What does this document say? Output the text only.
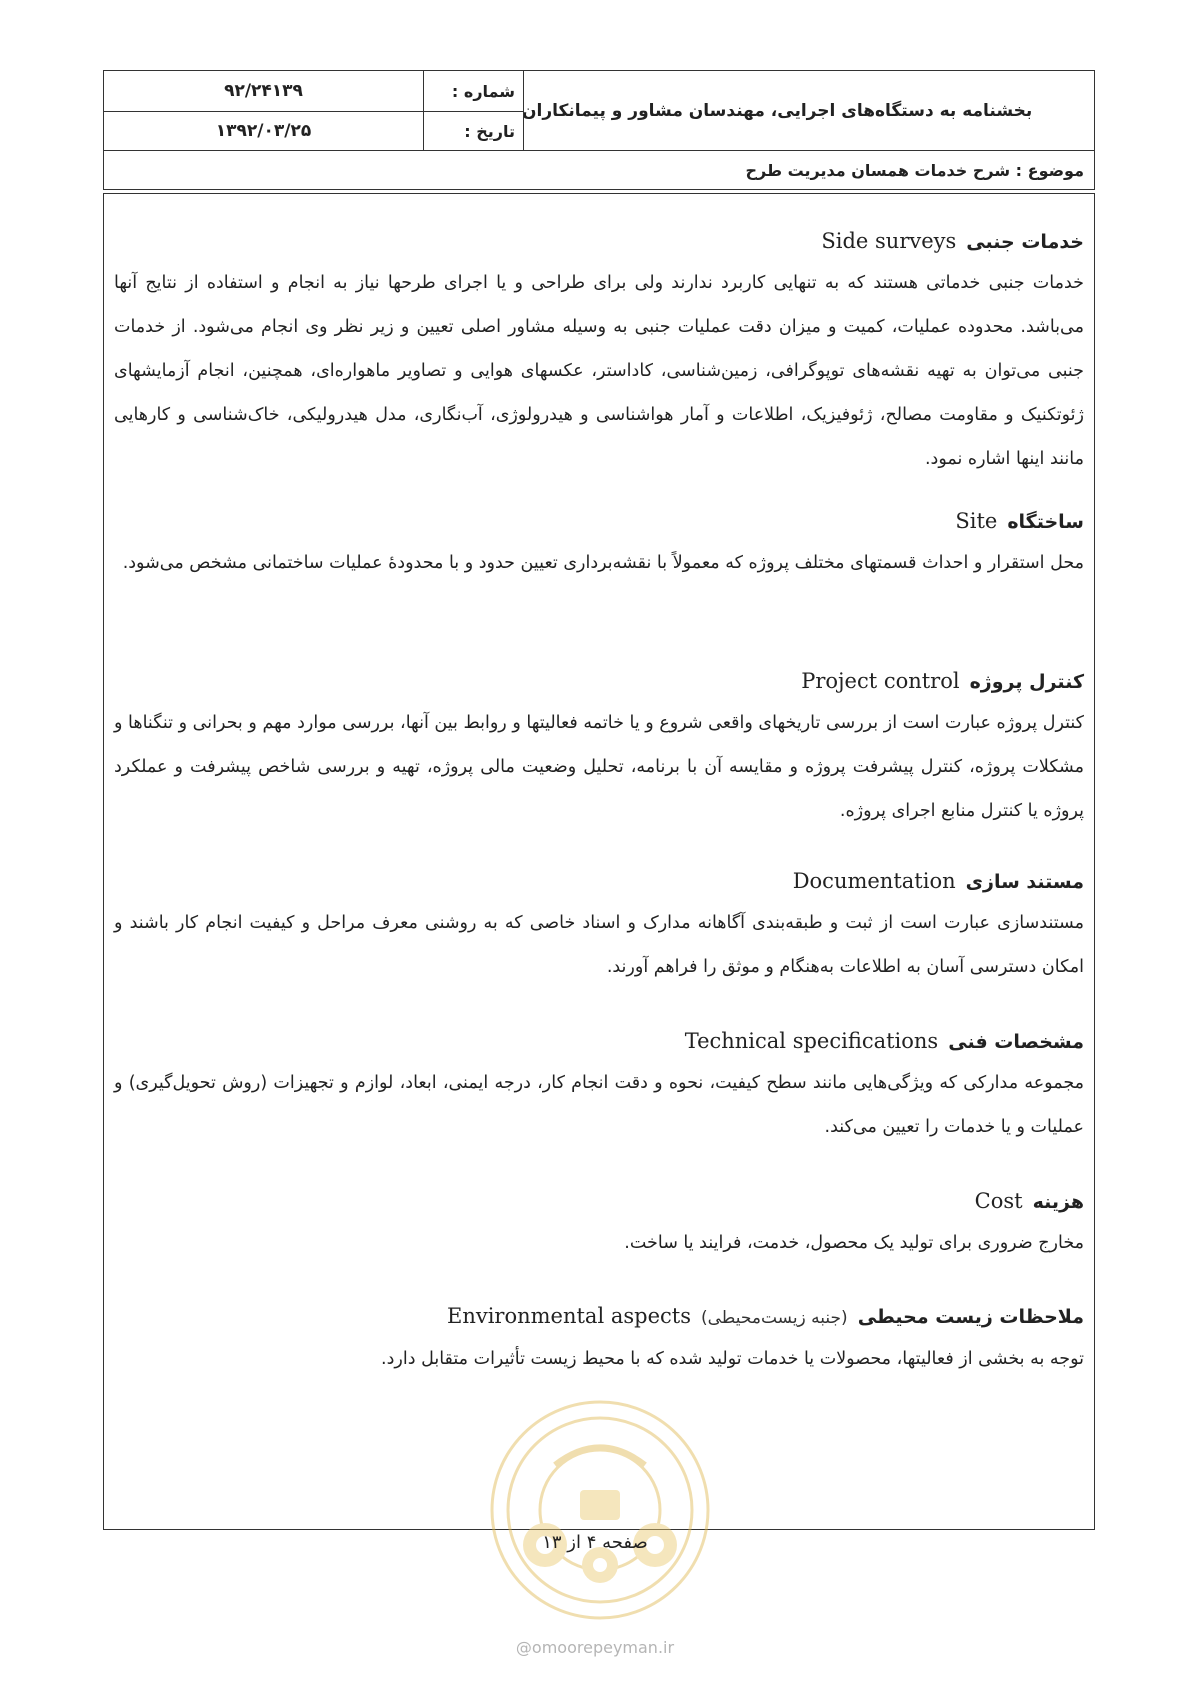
بخشنامه به دستگاه‌های اجرایی، مهندسان مشاور و پیمانکاران
شماره :
۹۲/۲۴۱۳۹
تاریخ :
۱۳۹۲/۰۳/۲۵
موضوع : شرح خدمات همسان مدیریت طرح
خدمات جنبی
Side surveys
خدمات جنبی خدماتی هستند که به تنهایی کاربرد ندارند ولی برای طراحی و یا اجرای طرحها نیاز به انجام و استفاده از نتایج آنها می‌باشد. محدوده عملیات، کمیت و میزان دقت عملیات جنبی به وسیله مشاور اصلی تعیین و زیر نظر وی انجام می‌شود. از خدمات جنبی می‌توان به تهیه نقشه‌های توپوگرافی، زمین‌شناسی، کاداستر، عکسهای هوایی و تصاویر ماهواره‌ای، همچنین، انجام آزمایشهای ژئوتکنیک و مقاومت مصالح، ژئوفیزیک، اطلاعات و آمار هواشناسی و هیدرولوژی، آب‌نگاری، مدل هیدرولیکی، خاک‌شناسی و کارهایی مانند اینها اشاره نمود.
ساختگاه
Site
محل استقرار و احداث قسمتهای مختلف پروژه که معمولاً با نقشه‌برداری تعیین حدود و با محدودهٔ عملیات ساختمانی مشخص می‌شود.
کنترل پروژه
Project control
کنترل پروژه عبارت است از بررسی تاریخهای واقعی شروع و یا خاتمه فعالیتها و روابط بین آنها، بررسی موارد مهم و بحرانی و تنگناها و مشکلات پروژه، کنترل پیشرفت پروژه و مقایسه آن با برنامه، تحلیل وضعیت مالی پروژه، تهیه و بررسی شاخص پیشرفت و عملکرد پروژه یا کنترل منابع اجرای پروژه.
مستند سازی
Documentation
مستندسازی عبارت است از ثبت و طبقه‌بندی آگاهانه مدارک و اسناد خاصی که به روشنی معرف مراحل و کیفیت انجام کار باشند و امکان دسترسی آسان به اطلاعات به‌هنگام و موثق را فراهم آورند.
مشخصات فنی
Technical specifications
مجموعه مدارکی که ویژگی‌هایی مانند سطح کیفیت، نحوه و دقت انجام کار، درجه ایمنی، ابعاد، لوازم و تجهیزات (روش تحویل‌گیری) و عملیات و یا خدمات را تعیین می‌کند.
هزینه
Cost
مخارج ضروری برای تولید یک محصول، خدمت، فرایند یا ساخت.
ملاحظات زیست محیطی
(جنبه زیست‌محیطی)
Environmental aspects
توجه به بخشی از فعالیتها، محصولات یا خدمات تولید شده که با محیط زیست تأثیرات متقابل دارد.
صفحه ۴ از ۱۳
@omoorepeyman.ir
